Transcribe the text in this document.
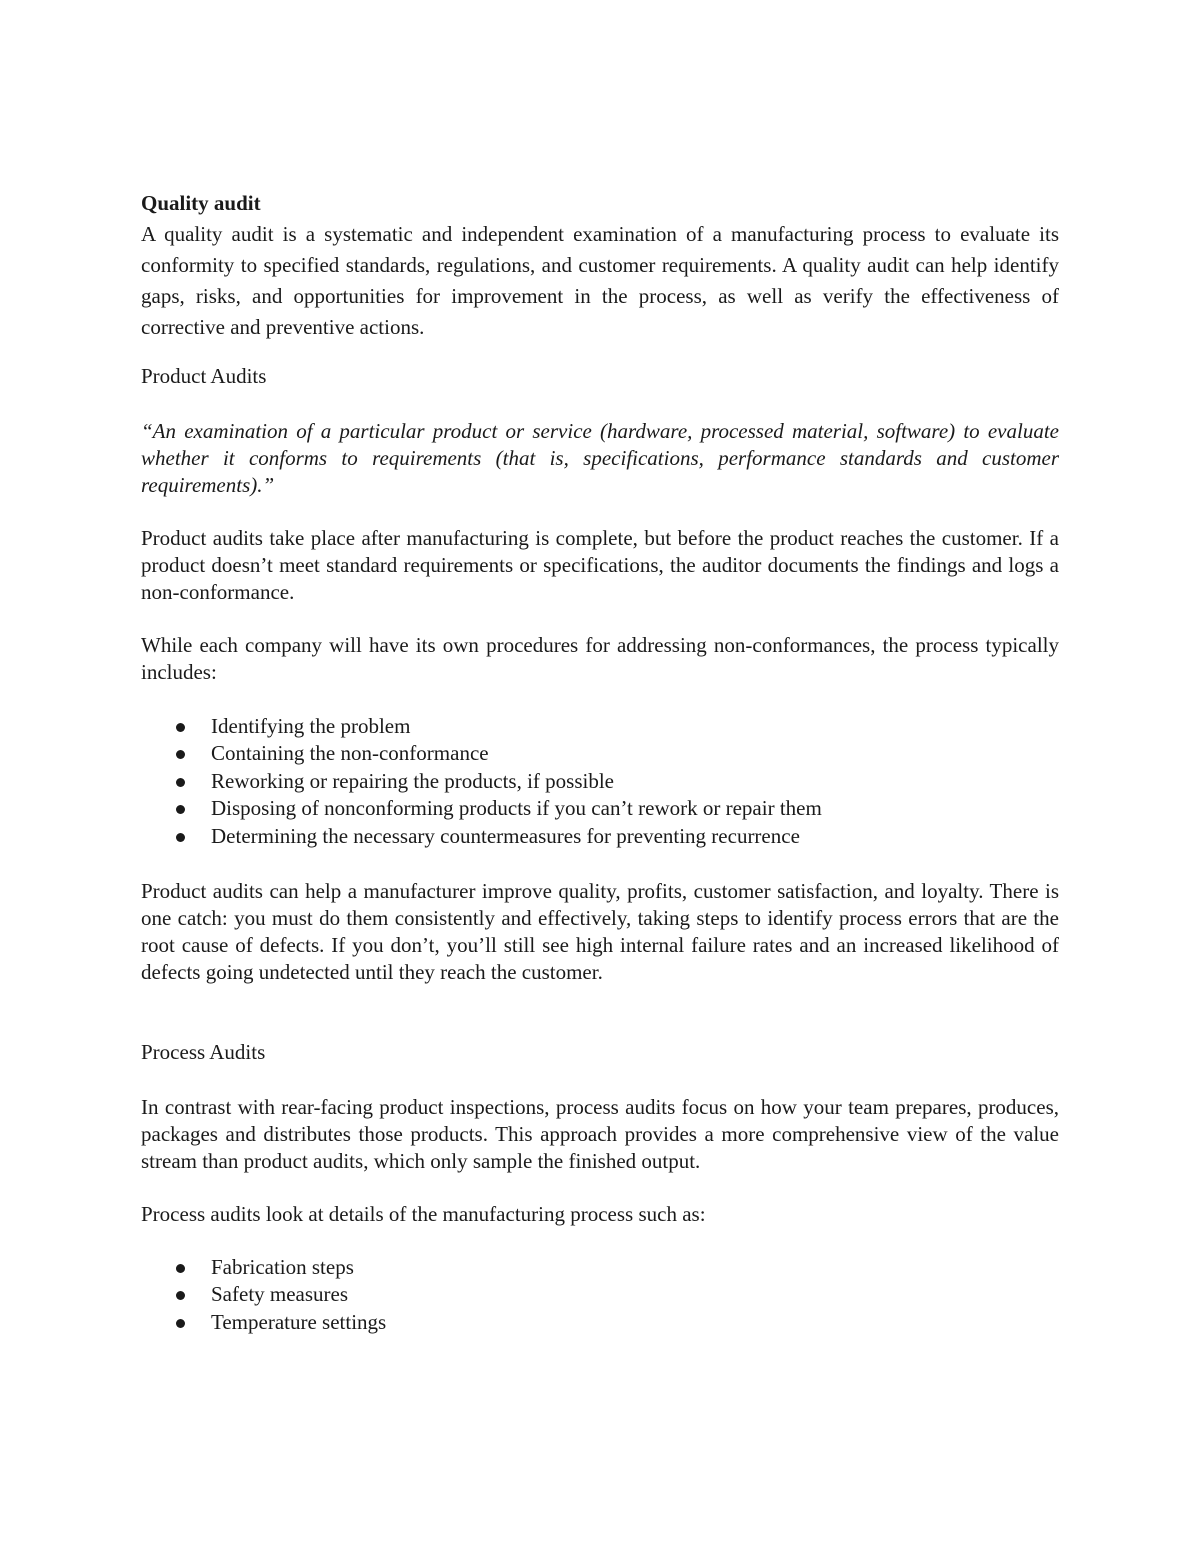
Quality audit

A quality audit is a systematic and independent examination of a manufacturing process to evaluate its conformity to specified standards, regulations, and customer requirements. A quality audit can help identify gaps, risks, and opportunities for improvement in the process, as well as verify the effectiveness of corrective and preventive actions.

Product Audits

“An examination of a particular product or service (hardware, processed material, software) to evaluate whether it conforms to requirements (that is, specifications, performance standards and customer requirements).”

Product audits take place after manufacturing is complete, but before the product reaches the customer. If a product doesn’t meet standard requirements or specifications, the auditor documents the findings and logs a non-conformance.

While each company will have its own procedures for addressing non-conformances, the process typically includes:

Identifying the problem
Containing the non-conformance
Reworking or repairing the products, if possible
Disposing of nonconforming products if you can’t rework or repair them
Determining the necessary countermeasures for preventing recurrence

Product audits can help a manufacturer improve quality, profits, customer satisfaction, and loyalty. There is one catch: you must do them consistently and effectively, taking steps to identify process errors that are the root cause of defects. If you don’t, you’ll still see high internal failure rates and an increased likelihood of defects going undetected until they reach the customer.

Process Audits

In contrast with rear-facing product inspections, process audits focus on how your team prepares, produces, packages and distributes those products. This approach provides a more comprehensive view of the value stream than product audits, which only sample the finished output.

Process audits look at details of the manufacturing process such as:

Fabrication steps
Safety measures
Temperature settings
